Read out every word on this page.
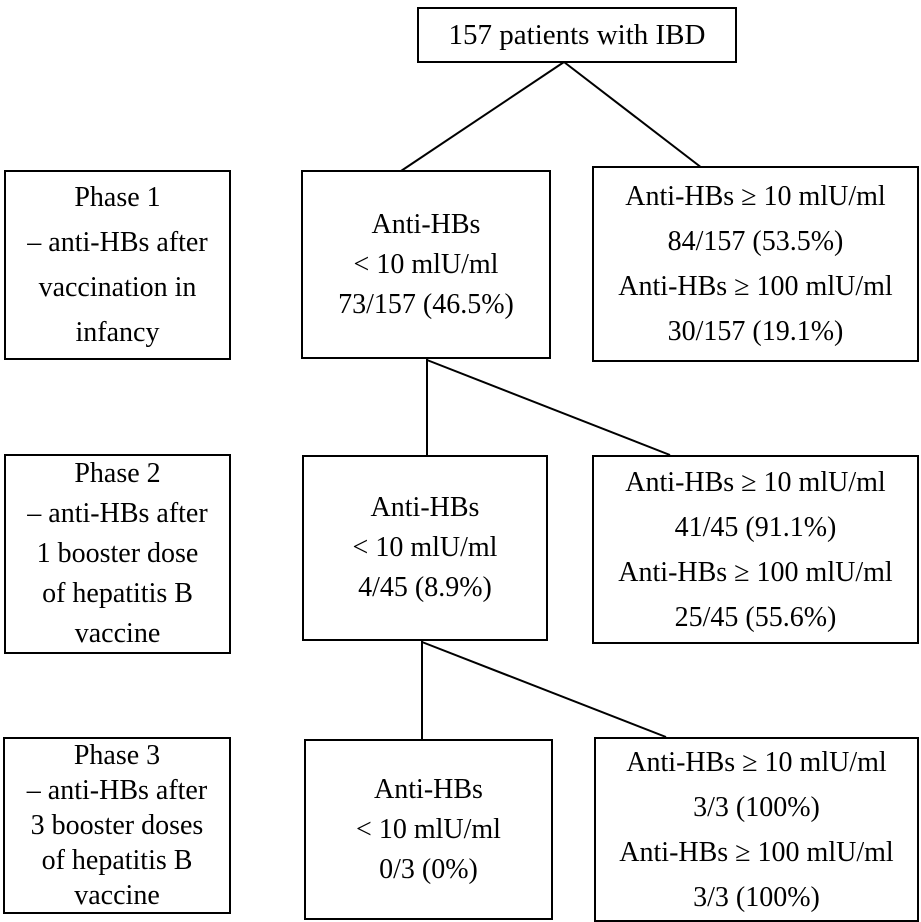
157 patients with IBD
Phase 1
– anti-HBs after
vaccination in
infancy
Anti-HBs
< 10 mlU/ml
73/157 (46.5%)
Anti-HBs ≥ 10 mlU/ml
84/157 (53.5%)
Anti-HBs ≥ 100 mlU/ml
30/157 (19.1%)
Phase 2
– anti-HBs after
1 booster dose
of hepatitis B
vaccine
Anti-HBs
< 10 mlU/ml
4/45 (8.9%)
Anti-HBs ≥ 10 mlU/ml
41/45 (91.1%)
Anti-HBs ≥ 100 mlU/ml
25/45 (55.6%)
Phase 3
– anti-HBs after
3 booster doses
of hepatitis B
vaccine
Anti-HBs
< 10 mlU/ml
0/3 (0%)
Anti-HBs ≥ 10 mlU/ml
3/3 (100%)
Anti-HBs ≥ 100 mlU/ml
3/3 (100%)
